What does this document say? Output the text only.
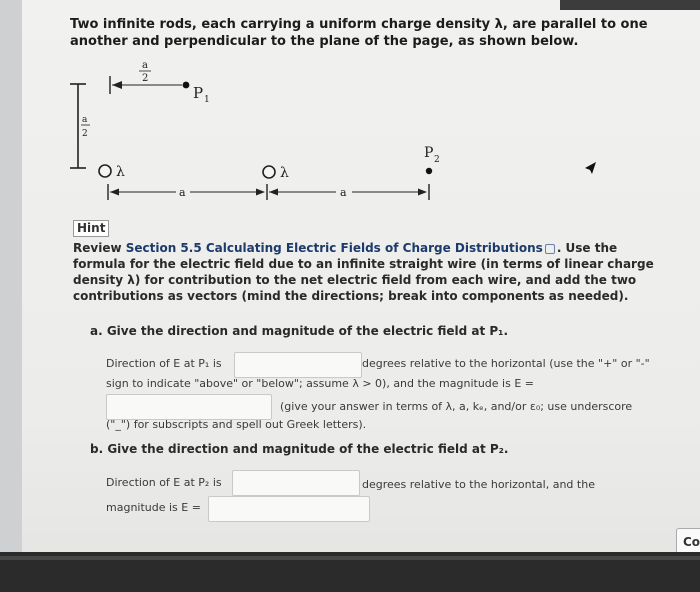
Two infinite rods, each carrying a uniform charge density λ, are parallel to one another and perpendicular to the plane of the page, as shown below.
a
2
a
2
P 1
λ	λ
P 2
a	a
Hint
Review Section 5.5 Calculating Electric Fields of Charge Distributions . Use the formula for the electric field due to an infinite straight wire (in terms of linear charge density λ) for contribution to the net electric field from each wire, and add the two contributions as vectors (mind the directions; break into components as needed).
a. Give the direction and magnitude of the electric field at P₁.
Direction of E at P₁ is	degrees relative to the horizontal (use the "+" or "-"
sign to indicate "above" or "below"; assume λ > 0), and the magnitude is E =
(give your answer in terms of λ, a, kₑ, and/or ε₀; use underscore
("_") for subscripts and spell out Greek letters).
b. Give the direction and magnitude of the electric field at P₂.
Direction of E at P₂ is	degrees relative to the horizontal, and the
magnitude is E =
Co
